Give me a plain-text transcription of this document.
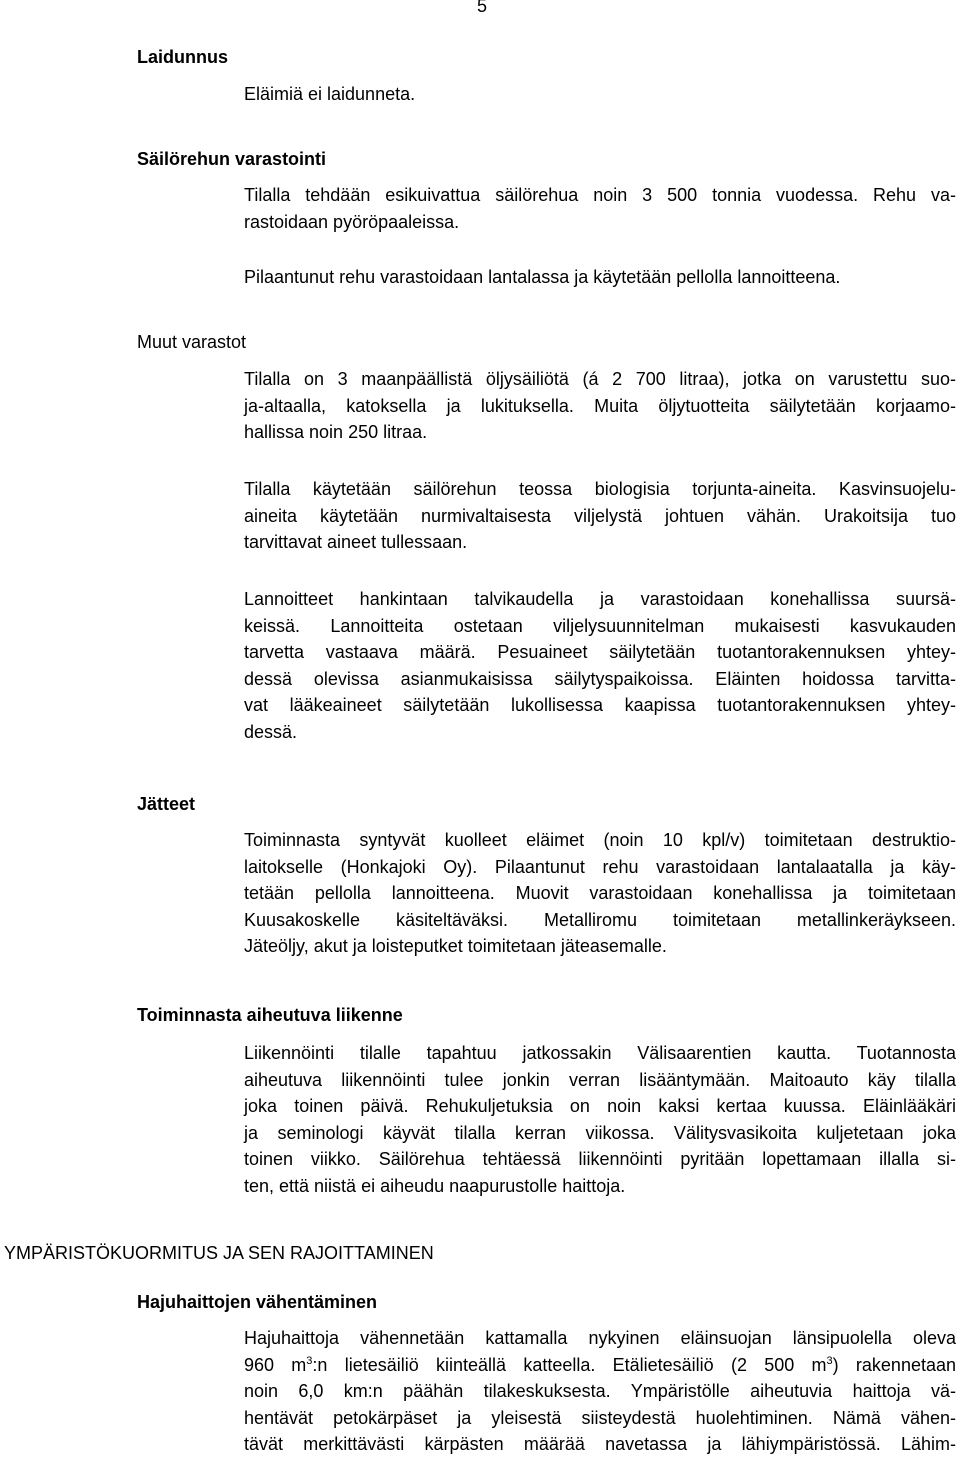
5
Laidunnus
Eläimiä ei laidunneta.
Säilörehun varastointi
Tilalla tehdään esikuivattua säilörehua noin 3 500 tonnia vuodessa. Rehu va-
rastoidaan pyöröpaaleissa.
Pilaantunut rehu varastoidaan lantalassa ja käytetään pellolla lannoitteena.
Muut varastot
Tilalla on 3 maanpäällistä öljysäiliötä (á 2 700 litraa), jotka on varustettu suo-
ja-altaalla, katoksella ja lukituksella. Muita öljytuotteita säilytetään korjaamo-
hallissa noin 250 litraa.
Tilalla käytetään säilörehun teossa biologisia torjunta-aineita. Kasvinsuojelu-
aineita käytetään nurmivaltaisesta viljelystä johtuen vähän. Urakoitsija tuo
tarvittavat aineet tullessaan.
Lannoitteet hankintaan talvikaudella ja varastoidaan konehallissa suursä-
keissä. Lannoitteita ostetaan viljelysuunnitelman mukaisesti kasvukauden
tarvetta vastaava määrä. Pesuaineet säilytetään tuotantorakennuksen yhtey-
dessä olevissa asianmukaisissa säilytyspaikoissa. Eläinten hoidossa tarvitta-
vat lääkeaineet säilytetään lukollisessa kaapissa tuotantorakennuksen yhtey-
dessä.
Jätteet
Toiminnasta syntyvät kuolleet eläimet (noin 10 kpl/v) toimitetaan destruktio-
laitokselle (Honkajoki Oy). Pilaantunut rehu varastoidaan lantalaatalla ja käy-
tetään pellolla lannoitteena. Muovit varastoidaan konehallissa ja toimitetaan
Kuusakoskelle käsiteltäväksi. Metalliromu toimitetaan metallinkeräykseen.
Jäteöljy, akut ja loisteputket toimitetaan jäteasemalle.
Toiminnasta aiheutuva liikenne
Liikennöinti tilalle tapahtuu jatkossakin Välisaarentien kautta. Tuotannosta
aiheutuva liikennöinti tulee jonkin verran lisääntymään. Maitoauto käy tilalla
joka toinen päivä. Rehukuljetuksia on noin kaksi kertaa kuussa. Eläinlääkäri
ja seminologi käyvät tilalla kerran viikossa. Välitysvasikoita kuljetetaan joka
toinen viikko. Säilörehua tehtäessä liikennöinti pyritään lopettamaan illalla si-
ten, että niistä ei aiheudu naapurustolle haittoja.
YMPÄRISTÖKUORMITUS JA SEN RAJOITTAMINEN
Hajuhaittojen vähentäminen
Hajuhaittoja vähennetään kattamalla nykyinen eläinsuojan länsipuolella oleva
960 $m^3:n$ lietesäiliö kiinteällä katteella. Etälietesäiliö (2 500 $m^3$) rakennetaan
noin 6,0 km:n päähän tilakeskuksesta. Ympäristölle aiheutuvia haittoja vä-
hentävät petokärpäset ja yleisestä siisteydestä huolehtiminen. Nämä vähen-
tävät merkittävästi kärpästen määrää navetassa ja lähiympäristössä. Lähim-
